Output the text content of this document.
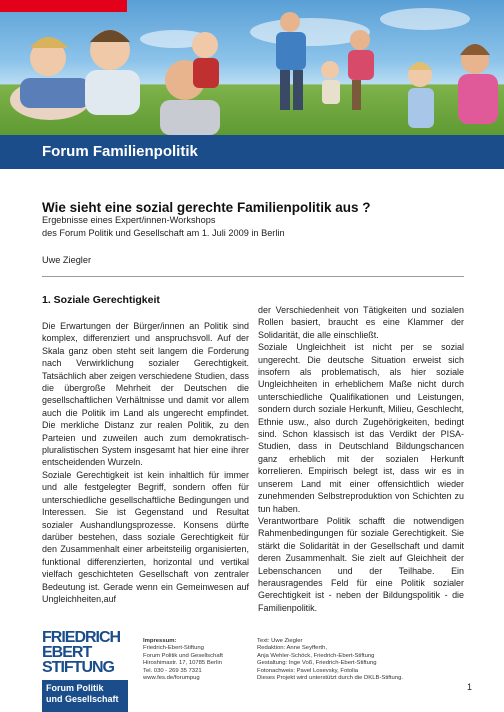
Forum Familienpolitik
Wie sieht eine sozial gerechte Familienpolitik aus ?
Ergebnisse eines Expert/innen-Workshops
des Forum Politik und Gesellschaft am 1. Juli 2009 in Berlin
Uwe Ziegler
1. Soziale Gerechtigkeit

Die Erwartungen der Bürger/innen an Politik sind komplex, differenziert und anspruchsvoll. Auf der Skala ganz oben steht seit langem die Forderung nach Verwirklichung sozialer Gerechtigkeit. Tatsächlich aber zeigen verschiedene Studien, dass die übergroße Mehrheit der Deutschen die gesellschaftlichen Verhältnisse und damit vor allem auch die Politik im Land als ungerecht empfindet. Die merkliche Distanz zur realen Politik, zu den Parteien und zuweilen auch zum demokratisch-pluralistischen System insgesamt hat hier eine ihrer entscheidenden Wurzeln.

Soziale Gerechtigkeit ist kein inhaltlich für immer und alle festgelegter Begriff, sondern offen für unterschiedliche gesellschaftliche Bedingungen und Interessen. Sie ist Gegenstand und Resultat sozialer Aushandlungsprozesse. Konsens dürfte darüber bestehen, dass soziale Gerechtigkeit für den Zusammenhalt einer arbeitsteilig organisierten, funktional differenzierten, horizontal und vertikal vielfach geschichteten Gesellschaft von zentraler Bedeutung ist. Gerade wenn ein Gemeinwesen auf Ungleichheiten,auf

der Verschiedenheit von Tätigkeiten und sozialen Rollen basiert, braucht es eine Klammer der Solidarität, die alle einschließt.

Soziale Ungleichheit ist nicht per se sozial ungerecht. Die deutsche Situation erweist sich insofern als problematisch, als hier soziale Ungleichheiten in erheblichem Maße nicht durch unterschiedliche Qualifikationen und Leistungen, sondern durch soziale Herkunft, Milieu, Geschlecht, Ethnie usw., also durch Zugehörigkeiten, bedingt sind. Schon klassisch ist das Verdikt der PISA-Studien, dass in Deutschland Bildungschancen ganz erheblich mit der sozialen Herkunft korrelieren. Empirisch belegt ist, dass wir es in unserem Land mit einer offensichtlich wieder zunehmenden Selbstreproduktion von Schichten zu tun haben.

Verantwortbare Politik schafft die notwendigen Rahmenbedingungen für soziale Gerechtigkeit. Sie stärkt die Solidarität in der Gesellschaft und damit deren Zusammenhalt. Sie zielt auf Gleichheit der Lebenschancen und der Teilhabe. Ein herausragendes Feld für eine Politik sozialer Gerechtigkeit ist - neben der Bildungspolitik - die Familienpolitik.

FRIEDRICH
EBERT
STIFTUNG
Forum Politik
und Gesellschaft
Impressum:
Friedrich-Ebert-Stiftung
Forum Politik und Gesellschaft
Hiroshimastr. 17, 10785 Berlin
Tel. 030 - 269 35 7321
www.fes.de/forumpug
Text: Uwe Ziegler
Redaktion: Anne Seyfferth,
Anja Wehler-Schöck, Friedrich-Ebert-Stiftung
Gestaltung: Inge Voß, Friedrich-Ebert-Stiftung
Fotonachweis: Pavel Losevsky, Fotolia
Dieses Projekt wird unterstützt durch die DKLB-Stiftung.
1
